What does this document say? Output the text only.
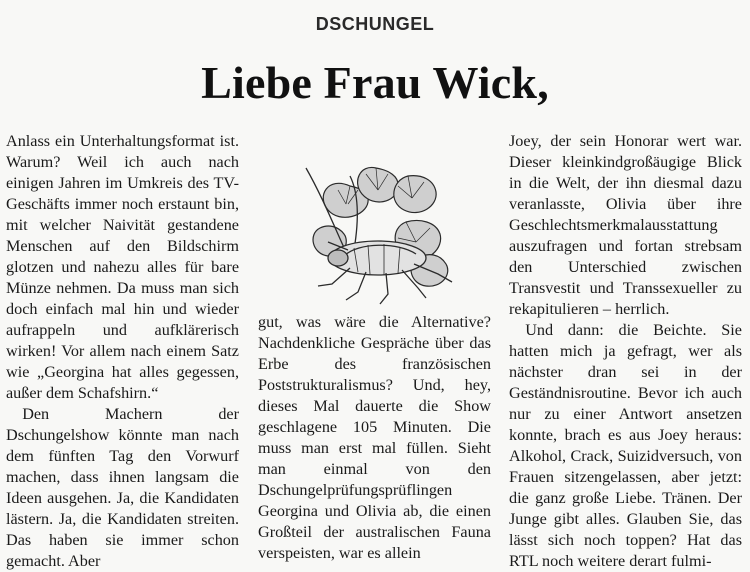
DSCHUNGEL
Liebe Frau Wick,

Anlass ein Unterhaltungsformat ist. Warum? Weil ich auch nach einigen Jahren im Umkreis des TV-Geschäfts immer noch erstaunt bin, mit welcher Naivität gestandene Menschen auf den Bildschirm glotzen und nahezu alles für bare Münze nehmen. Da muss man sich doch einfach mal hin und wieder aufrappeln und aufklärerisch wirken! Vor allem nach einem Satz wie „Georgina hat alles gegessen, außer dem Schafshirn.“

Den Machern der Dschungelshow könnte man nach dem fünften Tag den Vorwurf machen, dass ihnen langsam die Ideen ausgehen. Ja, die Kandidaten lästern. Ja, die Kandidaten streiten. Das haben sie immer schon gemacht. Aber

gut, was wäre die Alternative? Nachdenkliche Gespräche über das Erbe des französischen Poststrukturalismus? Und, hey, dieses Mal dauerte die Show geschlagene 105 Minuten. Die muss man erst mal füllen. Sieht man einmal von den Dschungelprüfungsprüflingen Georgina und Olivia ab, die einen Großteil der australischen Fauna verspeisten, war es allein

Joey, der sein Honorar wert war. Dieser kleinkindgroßäugige Blick in die Welt, der ihn diesmal dazu veranlasste, Olivia über ihre Geschlechtsmerkmalausstattung auszufragen und fortan strebsam den Unterschied zwischen Transvestit und Transsexueller zu rekapitulieren – herrlich.

Und dann: die Beichte. Sie hatten mich ja gefragt, wer als nächster dran sei in der Geständnisroutine. Bevor ich auch nur zu einer Antwort ansetzen konnte, brach es aus Joey heraus: Alkohol, Crack, Suizidversuch, von Frauen sitzengelassen, aber jetzt: die ganz große Liebe. Tränen. Der Junge gibt alles. Glauben Sie, das lässt sich noch toppen? Hat das RTL noch weitere derart fulmi-
